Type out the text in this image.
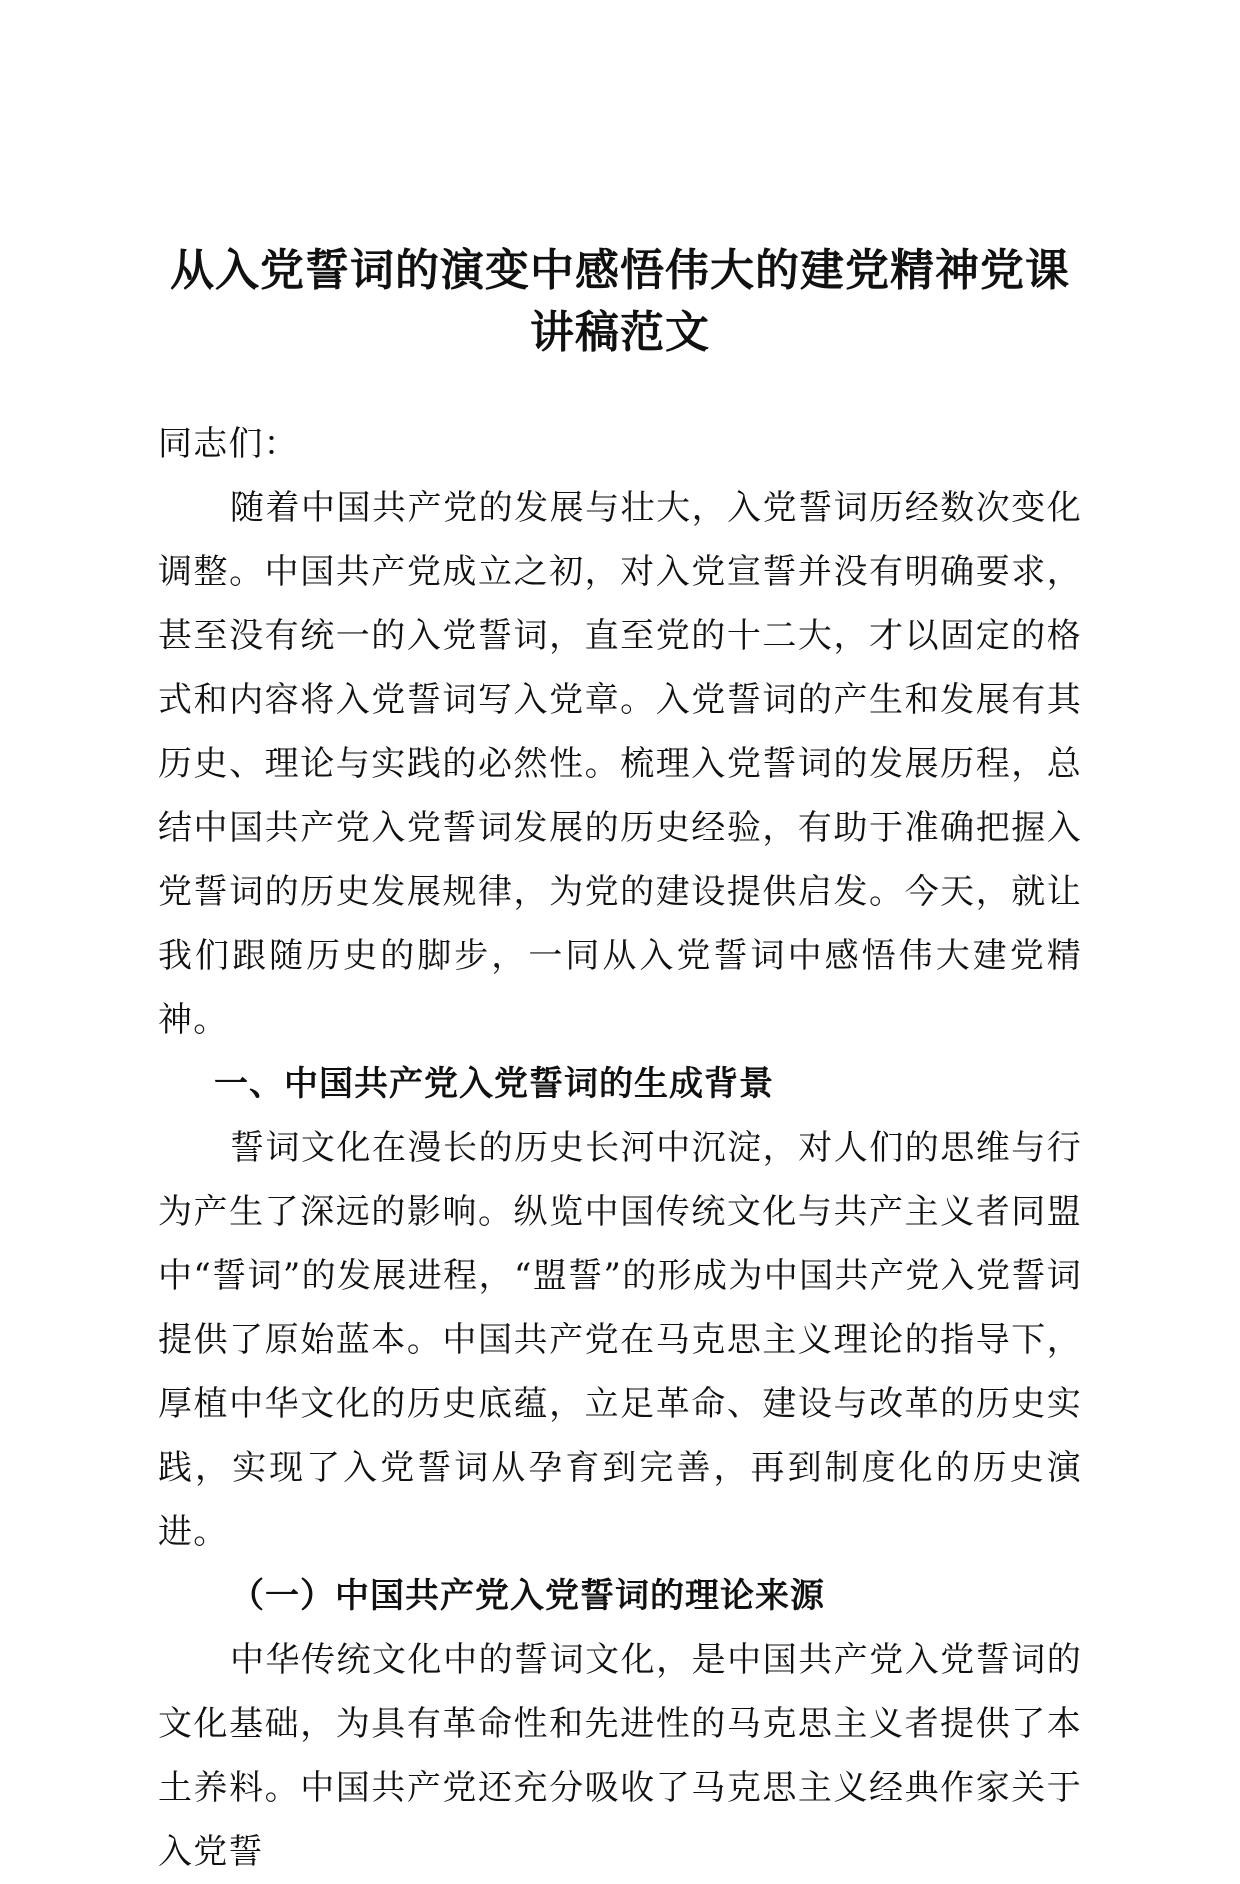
从入党誓词的演变中感悟伟大的建党精神党课讲稿范文

同志们：

随着中国共产党的发展与壮大，入党誓词历经数次变化调整。中国共产党成立之初，对入党宣誓并没有明确要求，甚至没有统一的入党誓词，直至党的十二大，才以固定的格式和内容将入党誓词写入党章。入党誓词的产生和发展有其历史、理论与实践的必然性。梳理入党誓词的发展历程，总结中国共产党入党誓词发展的历史经验，有助于准确把握入党誓词的历史发展规律，为党的建设提供启发。今天，就让我们跟随历史的脚步，一同从入党誓词中感悟伟大建党精神。

一、中国共产党入党誓词的生成背景

誓词文化在漫长的历史长河中沉淀，对人们的思维与行为产生了深远的影响。纵览中国传统文化与共产主义者同盟中“誓词”的发展进程，“盟誓”的形成为中国共产党入党誓词提供了原始蓝本。中国共产党在马克思主义理论的指导下，厚植中华文化的历史底蕴，立足革命、建设与改革的历史实践，实现了入党誓词从孕育到完善，再到制度化的历史演进。

（一）中国共产党入党誓词的理论来源

中华传统文化中的誓词文化，是中国共产党入党誓词的文化基础，为具有革命性和先进性的马克思主义者提供了本土养料。中国共产党还充分吸收了马克思主义经典作家关于入党誓
